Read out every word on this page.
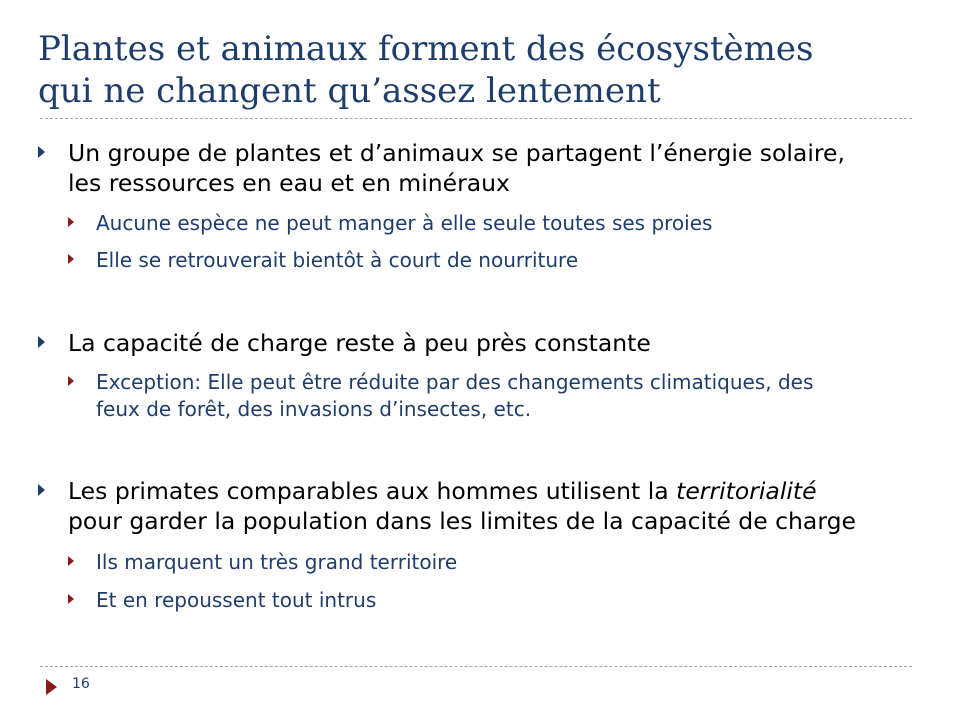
Plantes et animaux forment des écosystèmes
qui ne changent qu’assez lentement
Un groupe de plantes et d’animaux se partagent l’énergie solaire,
les ressources en eau et en minéraux
Aucune espèce ne peut manger à elle seule toutes ses proies
Elle se retrouverait bientôt à court de nourriture
La capacité de charge reste à peu près constante
Exception: Elle peut être réduite par des changements climatiques, des
feux de forêt, des invasions d’insectes, etc.
Les primates comparables aux hommes utilisent la territorialité
pour garder la population dans les limites de la capacité de charge
Ils marquent un très grand territoire
Et en repoussent tout intrus
16
